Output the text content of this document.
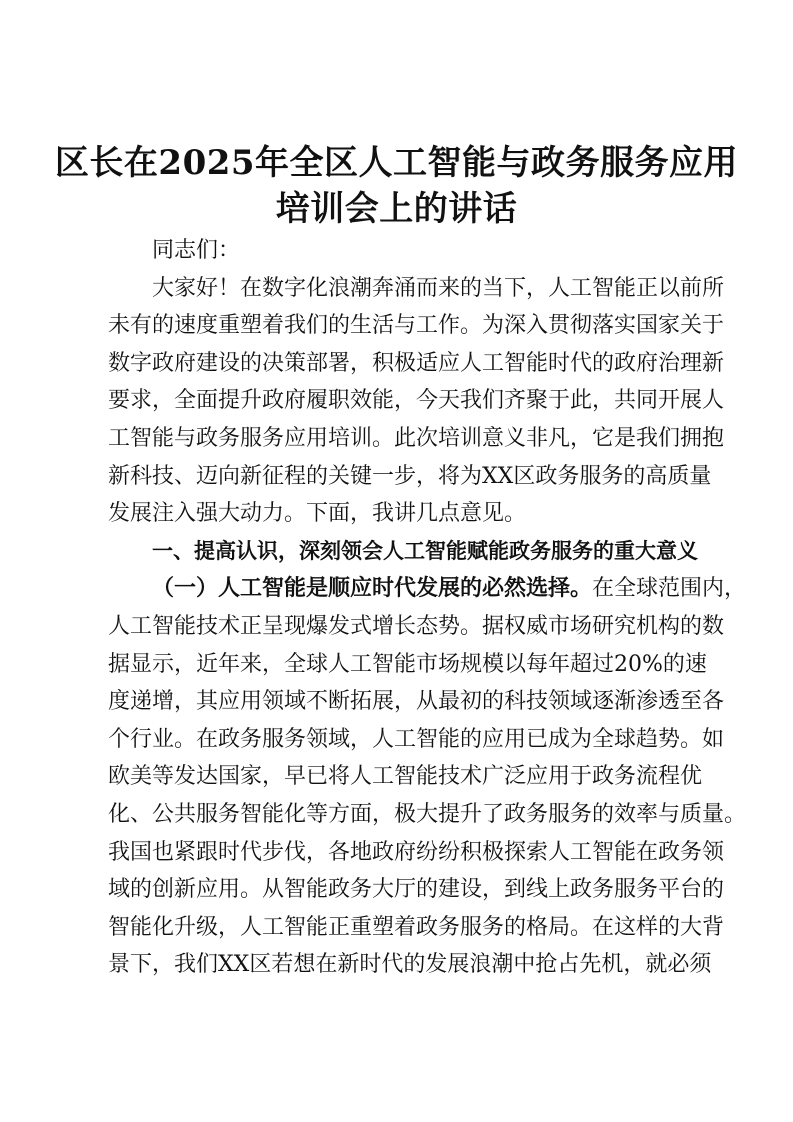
区长在2025年全区人工智能与政务服务应用
培训会上的讲话
同志们：
大家好！在数字化浪潮奔涌而来的当下，人工智能正以前所
未有的速度重塑着我们的生活与工作。为深入贯彻落实国家关于
数字政府建设的决策部署，积极适应人工智能时代的政府治理新
要求，全面提升政府履职效能，今天我们齐聚于此，共同开展人
工智能与政务服务应用培训。此次培训意义非凡，它是我们拥抱
新科技、迈向新征程的关键一步，将为XX区政务服务的高质量
发展注入强大动力。下面，我讲几点意见。
一、提高认识，深刻领会人工智能赋能政务服务的重大意义
（一）人工智能是顺应时代发展的必然选择。在全球范围内，
人工智能技术正呈现爆发式增长态势。据权威市场研究机构的数
据显示，近年来，全球人工智能市场规模以每年超过20%的速
度递增，其应用领域不断拓展，从最初的科技领域逐渐渗透至各
个行业。在政务服务领域，人工智能的应用已成为全球趋势。如
欧美等发达国家，早已将人工智能技术广泛应用于政务流程优
化、公共服务智能化等方面，极大提升了政务服务的效率与质量。
我国也紧跟时代步伐，各地政府纷纷积极探索人工智能在政务领
域的创新应用。从智能政务大厅的建设，到线上政务服务平台的
智能化升级，人工智能正重塑着政务服务的格局。在这样的大背
景下，我们XX区若想在新时代的发展浪潮中抢占先机，就必须
